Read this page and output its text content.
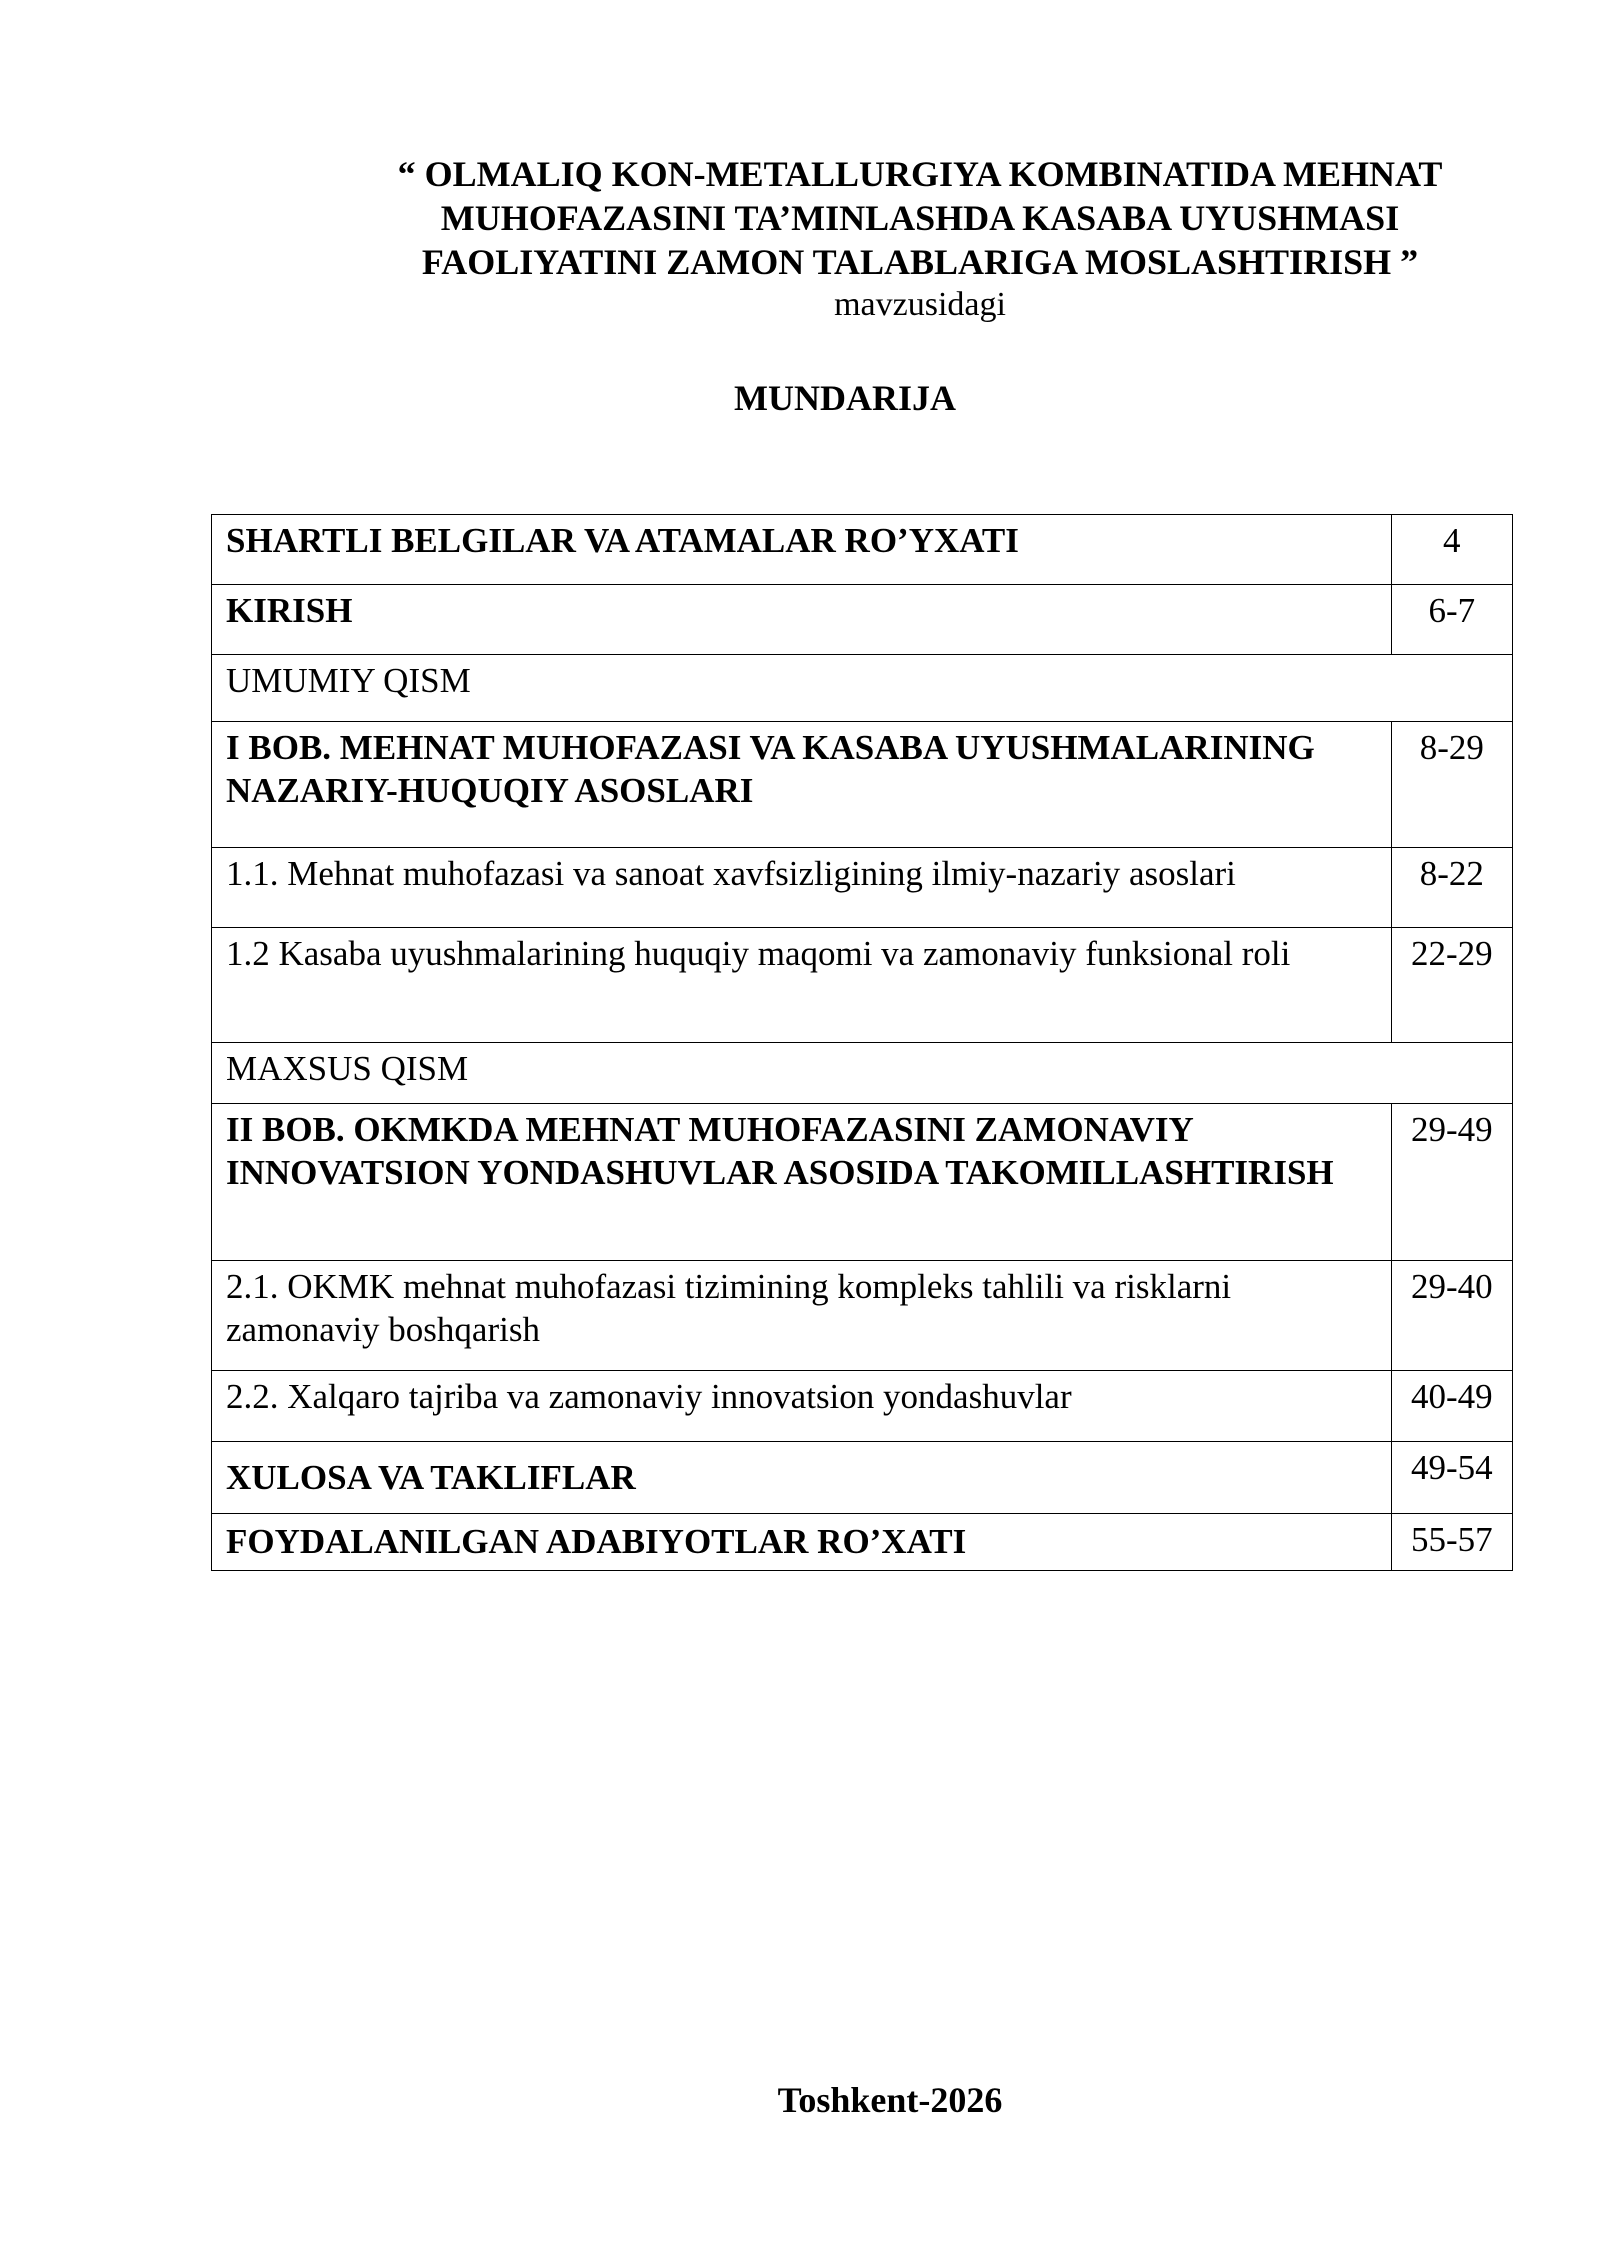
“ OLMALIQ KON-METALLURGIYA KOMBINATIDA MEHNAT
MUHOFAZASINI TA’MINLASHDA KASABA UYUSHMASI
FAOLIYATINI ZAMON TALABLARIGA MOSLASHTIRISH ”
mavzusidagi
MUNDARIJA
SHARTLI BELGILAR VA ATAMALAR RO’YXATI	4
KIRISH	6-7
UMUMIY QISM	
I BOB. MEHNAT MUHOFAZASI VA KASABA UYUSHMALARINING NAZARIY-HUQUQIY ASOSLARI	8-29
1.1. Mehnat muhofazasi va sanoat xavfsizligining ilmiy-nazariy asoslari	8-22
1.2 Kasaba uyushmalarining huquqiy maqomi va zamonaviy funksional roli	22-29
MAXSUS QISM	
II BOB. OKMKDA MEHNAT MUHOFAZASINI ZAMONAVIY INNOVATSION YONDASHUVLAR ASOSIDA TAKOMILLASHTIRISH	29-49
2.1. OKMK mehnat muhofazasi tizimining kompleks tahlili va risklarni zamonaviy boshqarish	29-40
2.2. Xalqaro tajriba va zamonaviy innovatsion yondashuvlar	40-49
XULOSA VA TAKLIFLAR	49-54
FOYDALANILGAN ADABIYOTLAR RO’XATI	55-57
Toshkent-2026
